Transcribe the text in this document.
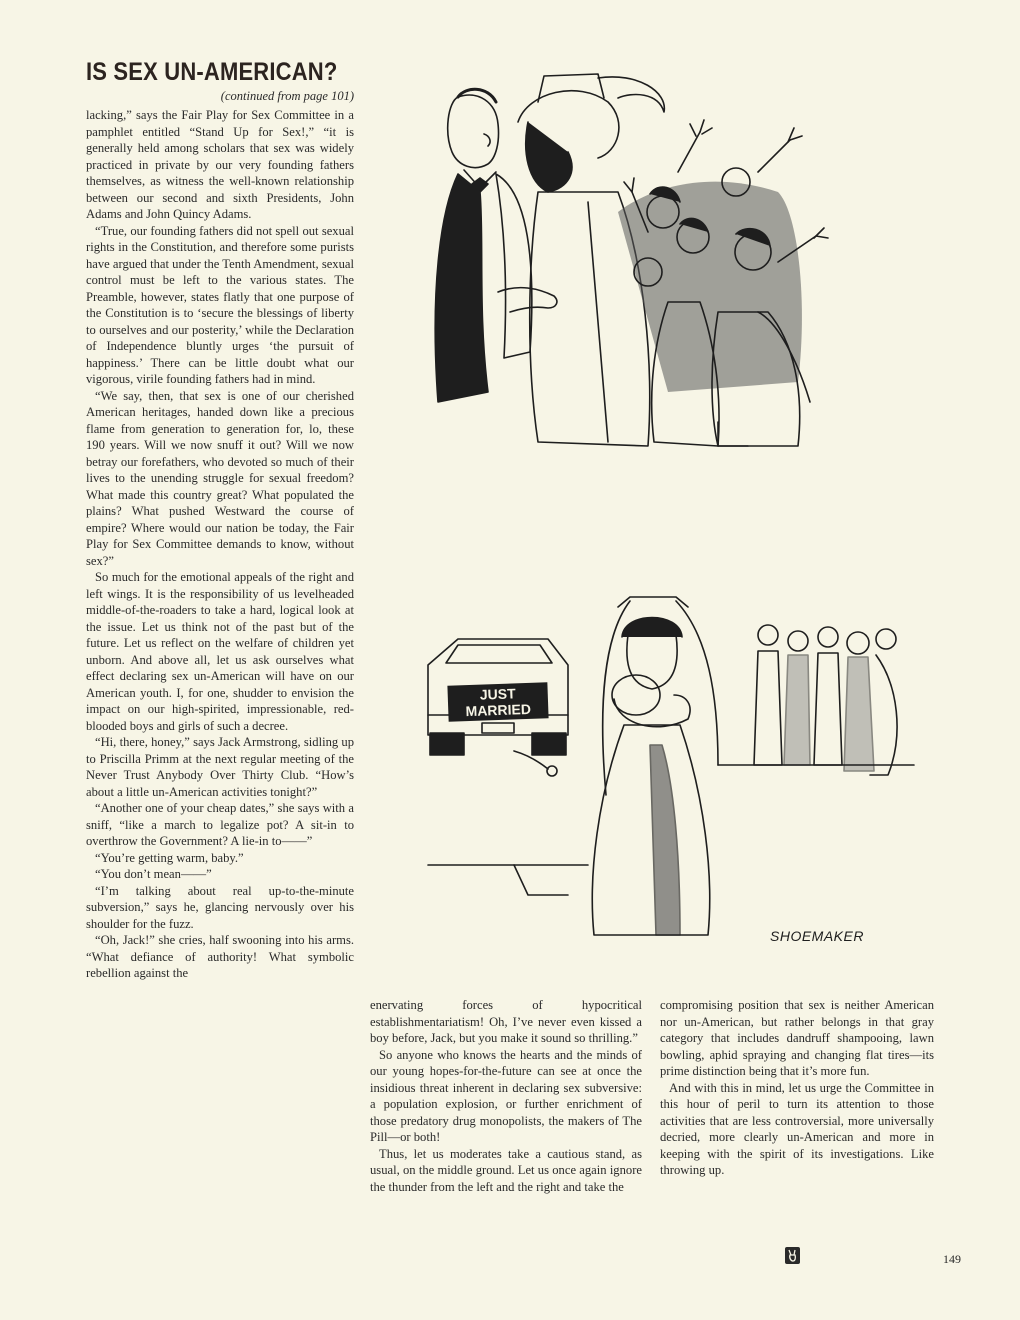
IS SEX UN-AMERICAN?
(continued from page 101)

lacking,” says the Fair Play for Sex Committee in a pamphlet entitled “Stand Up for Sex!,” “it is generally held among scholars that sex was widely practiced in private by our very founding fathers themselves, as witness the well-known relationship between our second and sixth Presidents, John Adams and John Quincy Adams.

“True, our founding fathers did not spell out sexual rights in the Constitution, and therefore some purists have argued that under the Tenth Amendment, sexual control must be left to the various states. The Preamble, however, states flatly that one purpose of the Constitution is to ‘secure the blessings of liberty to ourselves and our posterity,’ while the Declaration of Independence bluntly urges ‘the pursuit of happiness.’ There can be little doubt what our vigorous, virile founding fathers had in mind.

“We say, then, that sex is one of our cherished American heritages, handed down like a precious flame from generation to generation for, lo, these 190 years. Will we now snuff it out? Will we now betray our forefathers, who devoted so much of their lives to the unending struggle for sexual freedom? What made this country great? What populated the plains? What pushed Westward the course of empire? Where would our nation be today, the Fair Play for Sex Committee demands to know, without sex?”

So much for the emotional appeals of the right and left wings. It is the responsibility of us levelheaded middle-of-the-roaders to take a hard, logical look at the issue. Let us think not of the past but of the future. Let us reflect on the welfare of children yet unborn. And above all, let us ask ourselves what effect declaring sex un-American will have on our American youth. I, for one, shudder to envision the impact on our high-spirited, impressionable, red-blooded boys and girls of such a decree.

“Hi, there, honey,” says Jack Armstrong, sidling up to Priscilla Primm at the next regular meeting of the Never Trust Anybody Over Thirty Club. “How’s about a little un-American activities tonight?”

“Another one of your cheap dates,” she says with a sniff, “like a march to legalize pot? A sit-in to overthrow the Government? A lie-in to——”

“You’re getting warm, baby.”

“You don’t mean——”

“I’m talking about real up-to-the-minute subversion,” says he, glancing nervously over his shoulder for the fuzz.

“Oh, Jack!” she cries, half swooning into his arms. “What defiance of authority! What symbolic rebellion against the

JUST MARRIED
SHOEMAKER

enervating forces of hypocritical establishmentariatism! Oh, I’ve never even kissed a boy before, Jack, but you make it sound so thrilling.”

So anyone who knows the hearts and the minds of our young hopes-for-the-future can see at once the insidious threat inherent in declaring sex subversive: a population explosion, or further enrichment of those predatory drug monopolists, the makers of The Pill—or both!

Thus, let us moderates take a cautious stand, as usual, on the middle ground. Let us once again ignore the thunder from the left and the right and take the

compromising position that sex is neither American nor un-American, but rather belongs in that gray category that includes dandruff shampooing, lawn bowling, aphid spraying and changing flat tires—its prime distinction being that it’s more fun.

And with this in mind, let us urge the Committee in this hour of peril to turn its attention to those activities that are less controversial, more universally decried, more clearly un-American and more in keeping with the spirit of its investigations. Like throwing up.

149
